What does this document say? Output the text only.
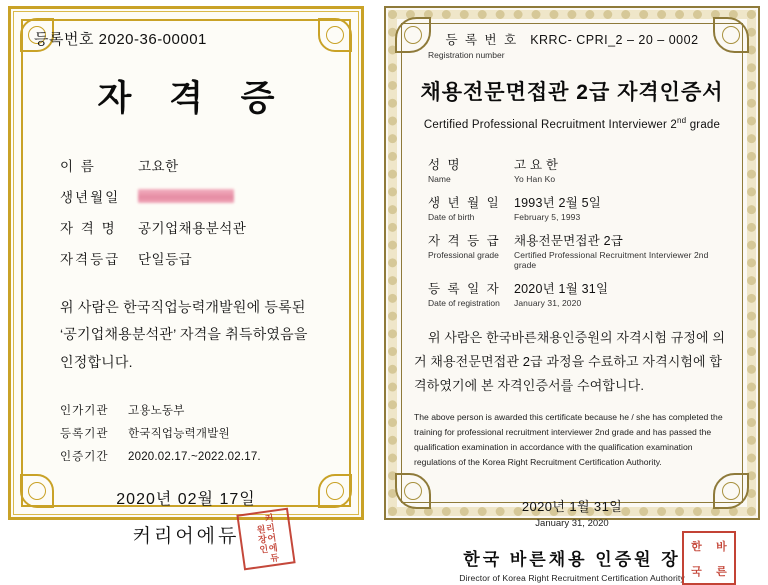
등록번호 2020-36-00001
자 격 증
이 름	고요한
생년월일
자 격 명	공기업채용분석관
자격등급	단일등급
위 사람은 한국직업능력개발원에 등록된
‘공기업채용분석관’ 자격을 취득하였음을
인정합니다.
인가기관	고용노동부
등록기관	한국직업능력개발원
인증기간	2020.02.17.~2022.02.17.
2020년 02월 17일
커리어에듀	커리어에듀원장인
등 록 번 호 KRRC- CPRI_2 – 20 – 0002
Registration number
채용전문면접관 2급 자격인증서
Certified Professional Recruitment Interviewer 2nd grade
성 명	고 요 한
Name	Yo Han Ko
생 년 월 일	1993년 2월 5일
Date of birth	February 5, 1993
자 격 등 급	채용전문면접관 2급
Professional grade	Certified Professional Recruitment Interviewer 2nd grade
등 록 일 자	2020년 1월 31일
Date of registration	January 31, 2020
위 사람은 한국바른채용인증원의 자격시험 규정에 의거 채용전문면접관 2급 과정을 수료하고 자격시험에 합격하였기에 본 자격인증서를 수여합니다.
The above person is awarded this certificate because he / she has completed the training for professional recruitment interviewer 2nd grade and has passed the qualification examination in accordance with the qualification examination regulations of the Korea Right Recruitment Certification Authority.
2020년 1월 31일
January 31, 2020
한국 바른채용 인증원 장
한	바
국	른
Director of Korea Right Recruitment Certification Authority
